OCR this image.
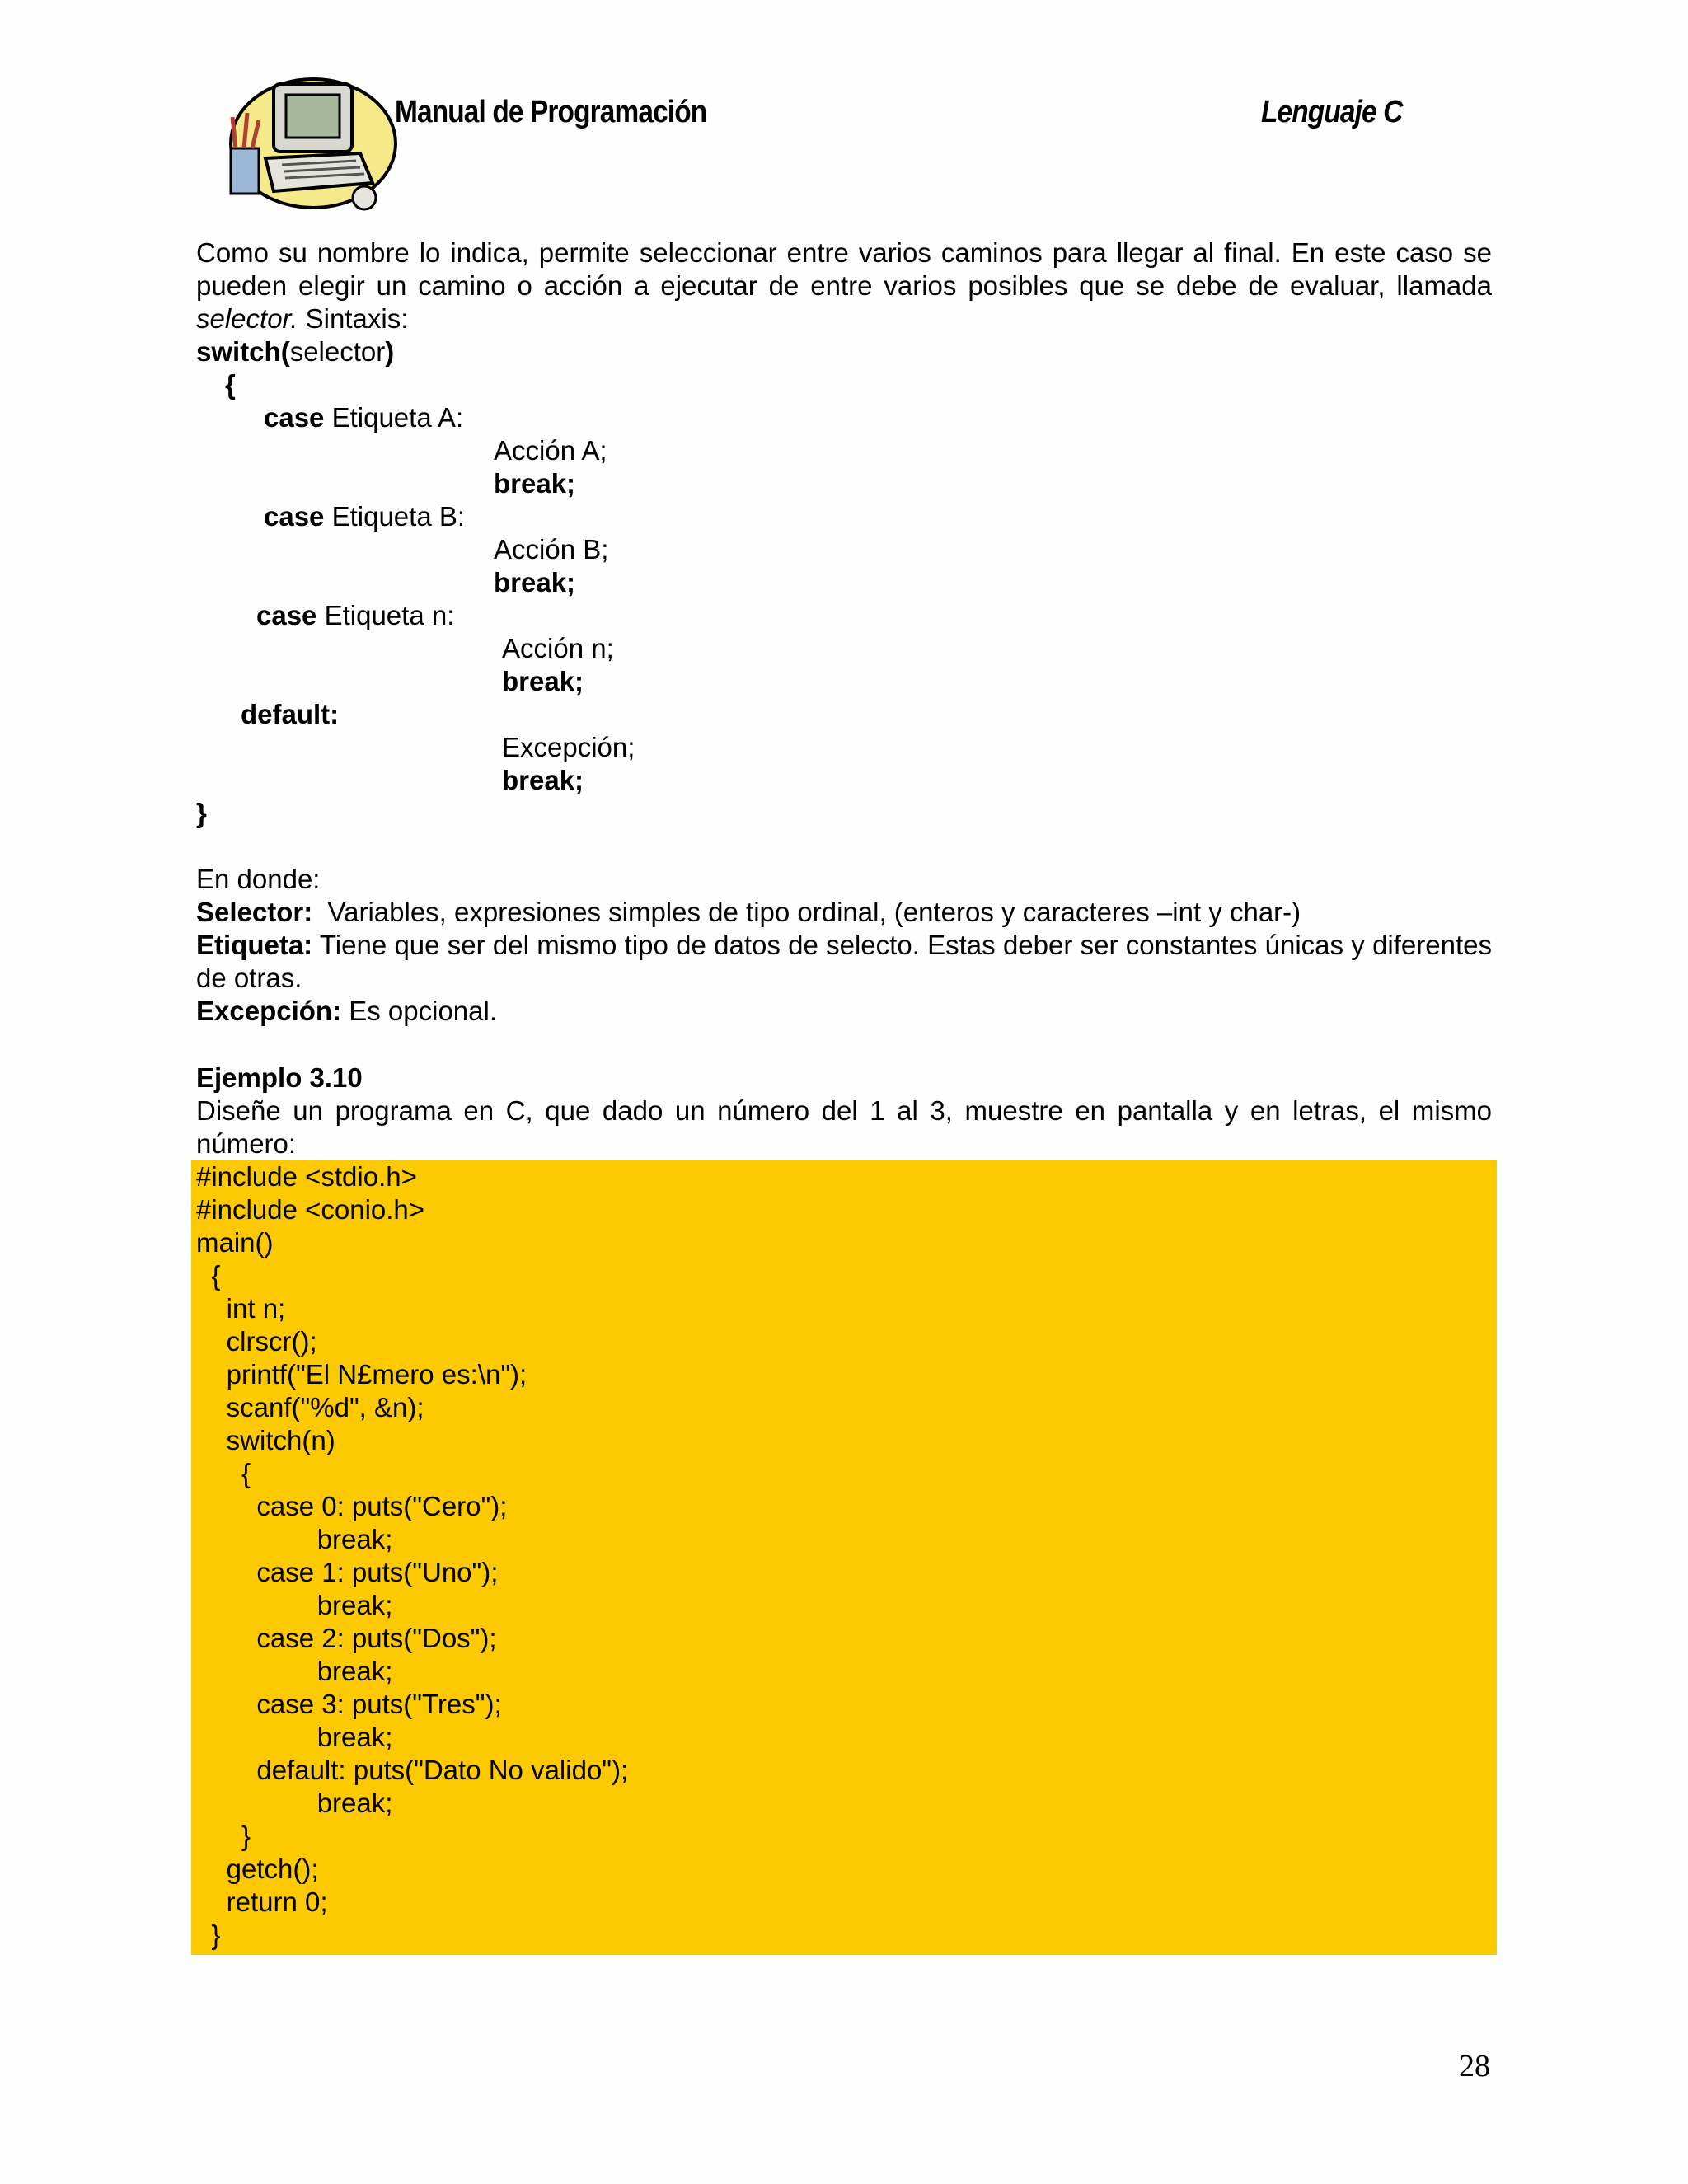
Manual de Programación	Lenguaje C
Como su nombre lo indica, permite seleccionar entre varios caminos para llegar al final. En este caso se pueden elegir un camino o acción a ejecutar de entre varios posibles que se debe de evaluar, llamada selector. Sintaxis:
switch(selector)
{
case Etiqueta A:
Acción A;
break;
case Etiqueta B:
Acción B;
break;
case Etiqueta n:
Acción n;
break;
default:
Excepción;
break;
}
En donde:
Selector:  Variables, expresiones simples de tipo ordinal, (enteros y caracteres –int y char-)
Etiqueta: Tiene que ser del mismo tipo de datos de selecto. Estas deber ser constantes únicas y diferentes de otras.
Excepción: Es opcional.
Ejemplo 3.10
Diseñe un programa en C, que dado un número del 1 al 3, muestre en pantalla y en letras, el mismo número:
#include <stdio.h>
#include <conio.h>
main()
{
int n;
clrscr();
printf("El N£mero es:\n");
scanf("%d", &n);
switch(n)
{
case 0: puts("Cero");
break;
case 1: puts("Uno");
break;
case 2: puts("Dos");
break;
case 3: puts("Tres");
break;
default: puts("Dato No valido");
break;
}
getch();
return 0;
}
28
